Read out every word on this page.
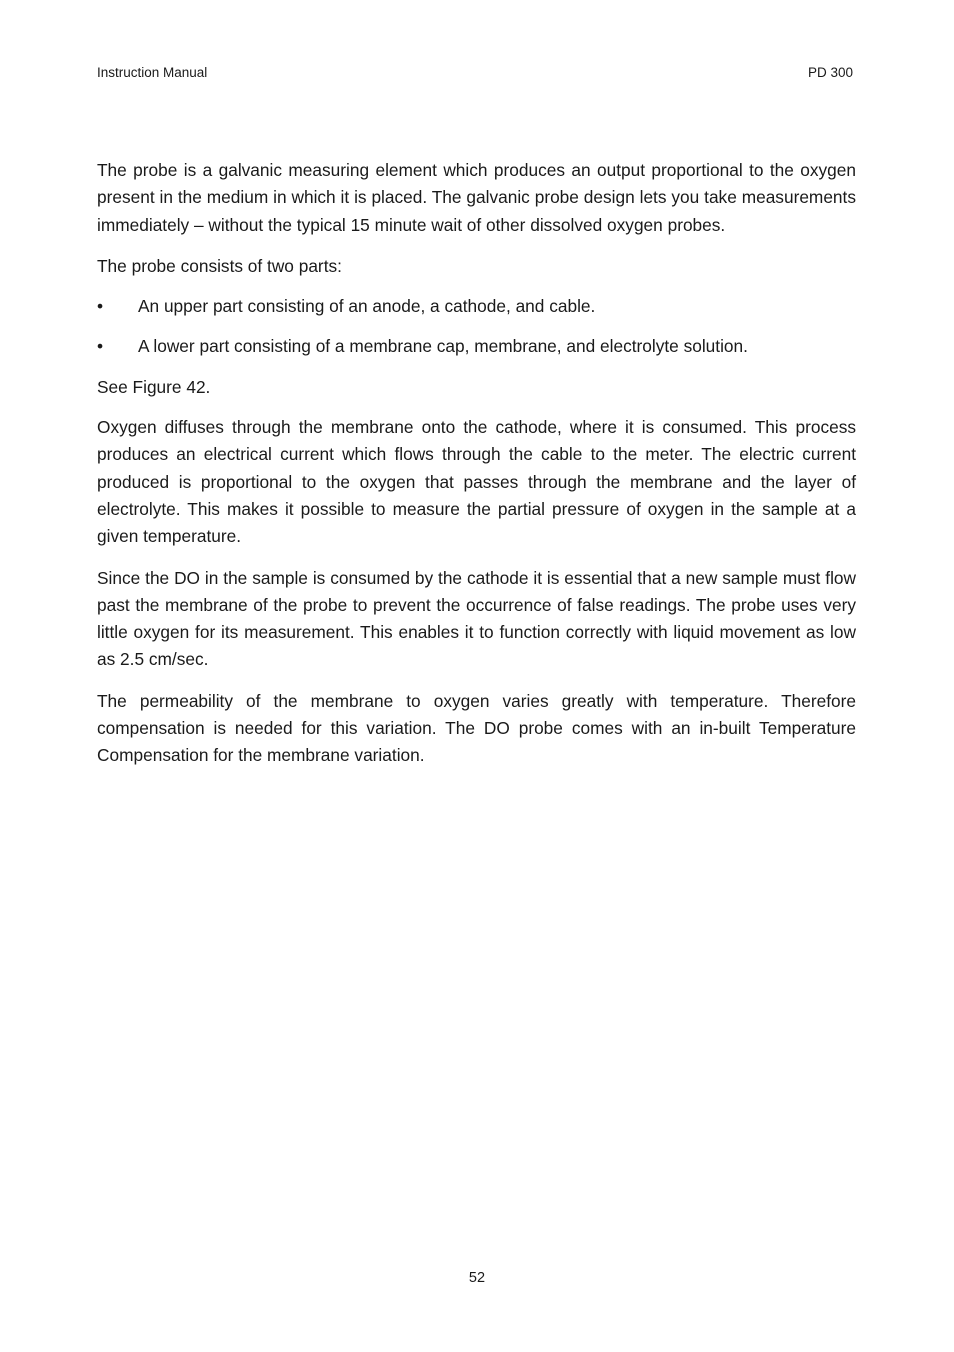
Instruction Manual	PD 300

The probe is a galvanic measuring element which produces an output proportional to the oxygen present in the medium in which it is placed. The galvanic probe design lets you take measurements immediately – without the typical 15 minute wait of other dissolved oxygen probes.

The probe consists of two parts:

• An upper part consisting of an anode, a cathode, and cable.
• A lower part consisting of a membrane cap, membrane, and electrolyte solution.

See Figure 42.

Oxygen diffuses through the membrane onto the cathode, where it is consumed. This process produces an electrical current which flows through the cable to the meter. The electric current produced is proportional to the oxygen that passes through the membrane and the layer of electrolyte. This makes it possible to measure the partial pressure of oxygen in the sample at a given temperature.

Since the DO in the sample is consumed by the cathode it is essential that a new sample must flow past the membrane of the probe to prevent the occurrence of false readings. The probe uses very little oxygen for its measurement. This enables it to function correctly with liquid movement as low as 2.5 cm/sec.

The permeability of the membrane to oxygen varies greatly with temperature. Therefore compensation is needed for this variation. The DO probe comes with an in-built Temperature Compensation for the membrane variation.

52
